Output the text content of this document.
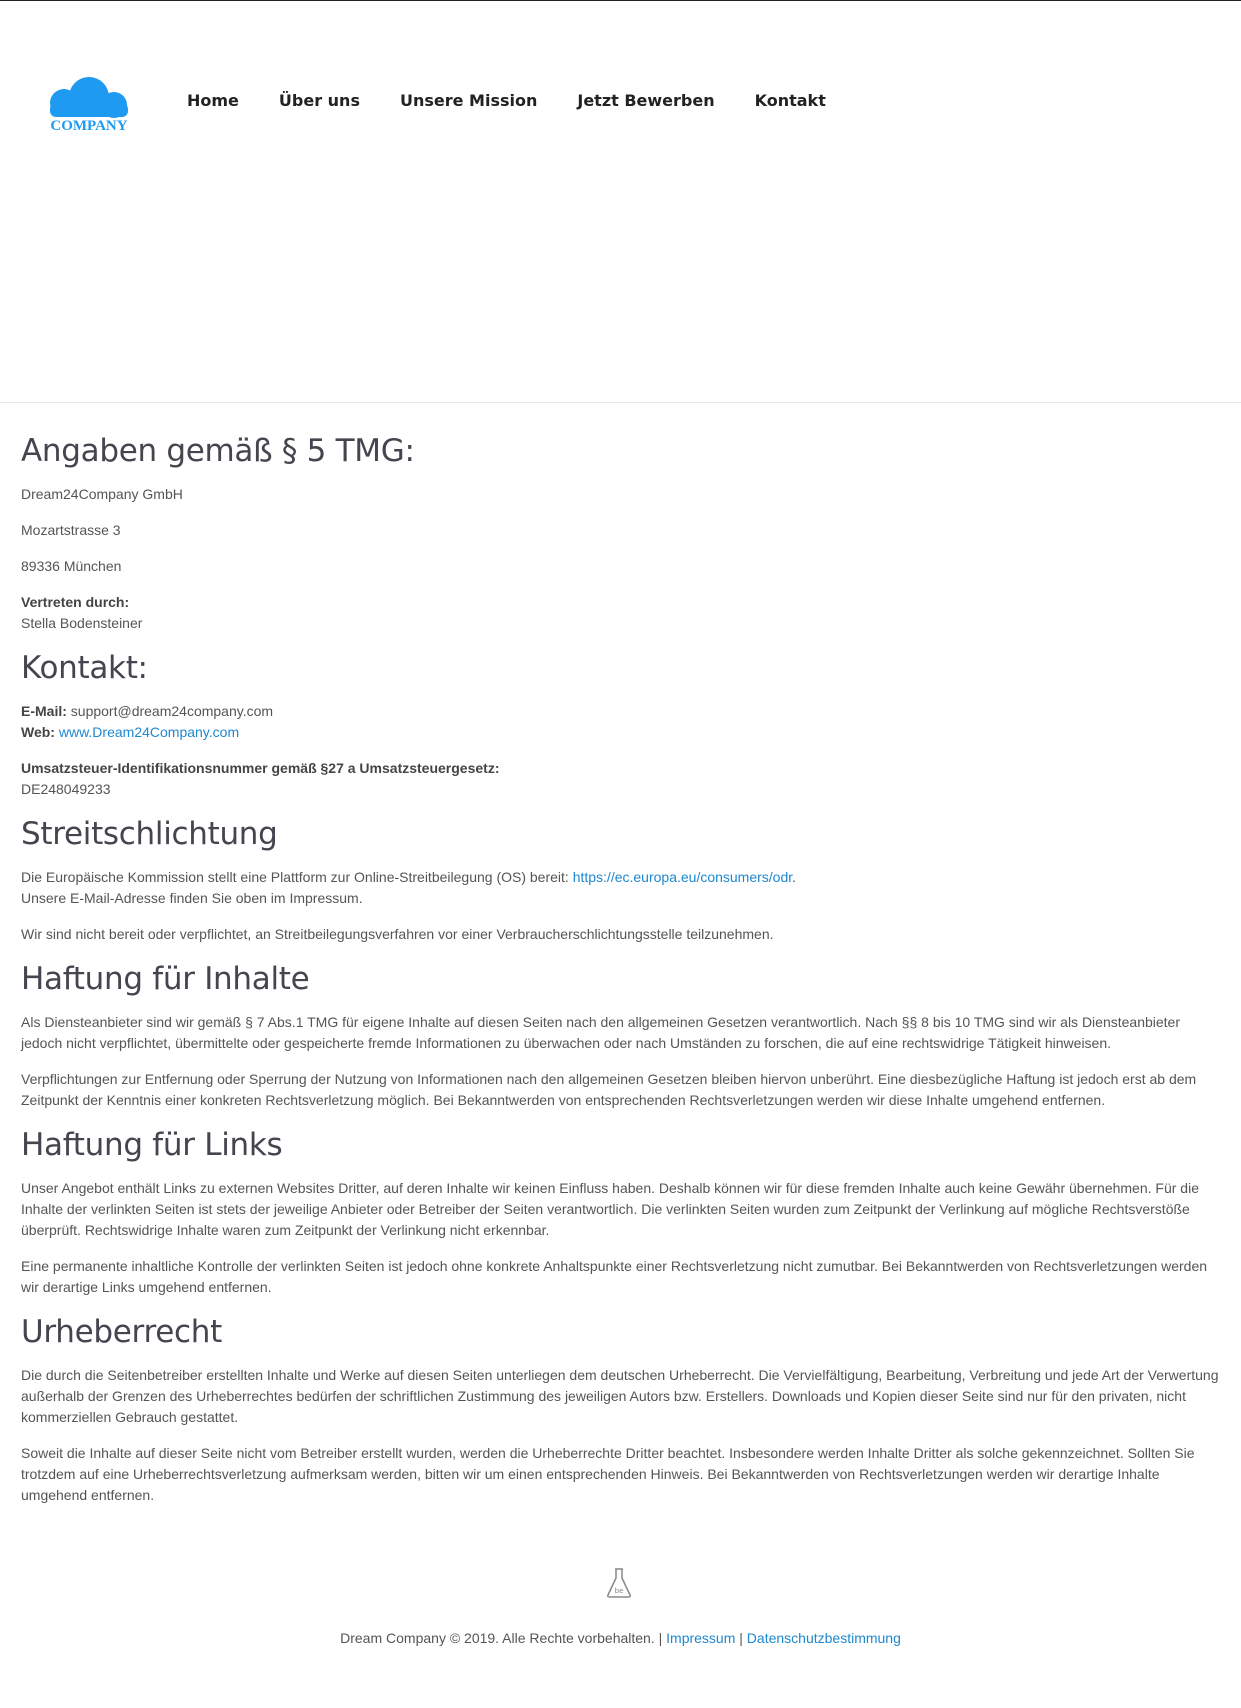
COMPANY
Home	Über uns	Unsere Mission	Jetzt Bewerben	Kontakt
Angaben gemäß § 5 TMG:

Dream24Company GmbH

Mozartstrasse 3

89336 München

Vertreten durch:
Stella Bodensteiner

Kontakt:

E-Mail: support@dream24company.com
Web: www.Dream24Company.com

Umsatzsteuer-Identifikationsnummer gemäß §27 a Umsatzsteuergesetz:
DE248049233

Streitschlichtung

Die Europäische Kommission stellt eine Plattform zur Online-Streitbeilegung (OS) bereit: https://ec.europa.eu/consumers/odr.
Unsere E-Mail-Adresse finden Sie oben im Impressum.

Wir sind nicht bereit oder verpflichtet, an Streitbeilegungsverfahren vor einer Verbraucherschlichtungsstelle teilzunehmen.

Haftung für Inhalte

Als Diensteanbieter sind wir gemäß § 7 Abs.1 TMG für eigene Inhalte auf diesen Seiten nach den allgemeinen Gesetzen verantwortlich. Nach §§ 8 bis 10 TMG sind wir als Diensteanbieter jedoch nicht verpflichtet, übermittelte oder gespeicherte fremde Informationen zu überwachen oder nach Umständen zu forschen, die auf eine rechtswidrige Tätigkeit hinweisen.

Verpflichtungen zur Entfernung oder Sperrung der Nutzung von Informationen nach den allgemeinen Gesetzen bleiben hiervon unberührt. Eine diesbezügliche Haftung ist jedoch erst ab dem Zeitpunkt der Kenntnis einer konkreten Rechtsverletzung möglich. Bei Bekanntwerden von entsprechenden Rechtsverletzungen werden wir diese Inhalte umgehend entfernen.

Haftung für Links

Unser Angebot enthält Links zu externen Websites Dritter, auf deren Inhalte wir keinen Einfluss haben. Deshalb können wir für diese fremden Inhalte auch keine Gewähr übernehmen. Für die Inhalte der verlinkten Seiten ist stets der jeweilige Anbieter oder Betreiber der Seiten verantwortlich. Die verlinkten Seiten wurden zum Zeitpunkt der Verlinkung auf mögliche Rechtsverstöße überprüft. Rechtswidrige Inhalte waren zum Zeitpunkt der Verlinkung nicht erkennbar.

Eine permanente inhaltliche Kontrolle der verlinkten Seiten ist jedoch ohne konkrete Anhaltspunkte einer Rechtsverletzung nicht zumutbar. Bei Bekanntwerden von Rechtsverletzungen werden wir derartige Links umgehend entfernen.

Urheberrecht

Die durch die Seitenbetreiber erstellten Inhalte und Werke auf diesen Seiten unterliegen dem deutschen Urheberrecht. Die Vervielfältigung, Bearbeitung, Verbreitung und jede Art der Verwertung außerhalb der Grenzen des Urheberrechtes bedürfen der schriftlichen Zustimmung des jeweiligen Autors bzw. Erstellers. Downloads und Kopien dieser Seite sind nur für den privaten, nicht kommerziellen Gebrauch gestattet.

Soweit die Inhalte auf dieser Seite nicht vom Betreiber erstellt wurden, werden die Urheberrechte Dritter beachtet. Insbesondere werden Inhalte Dritter als solche gekennzeichnet. Sollten Sie trotzdem auf eine Urheberrechtsverletzung aufmerksam werden, bitten wir um einen entsprechenden Hinweis. Bei Bekanntwerden von Rechtsverletzungen werden wir derartige Inhalte umgehend entfernen.

be
Dream Company © 2019. Alle Rechte vorbehalten. | Impressum | Datenschutzbestimmung
